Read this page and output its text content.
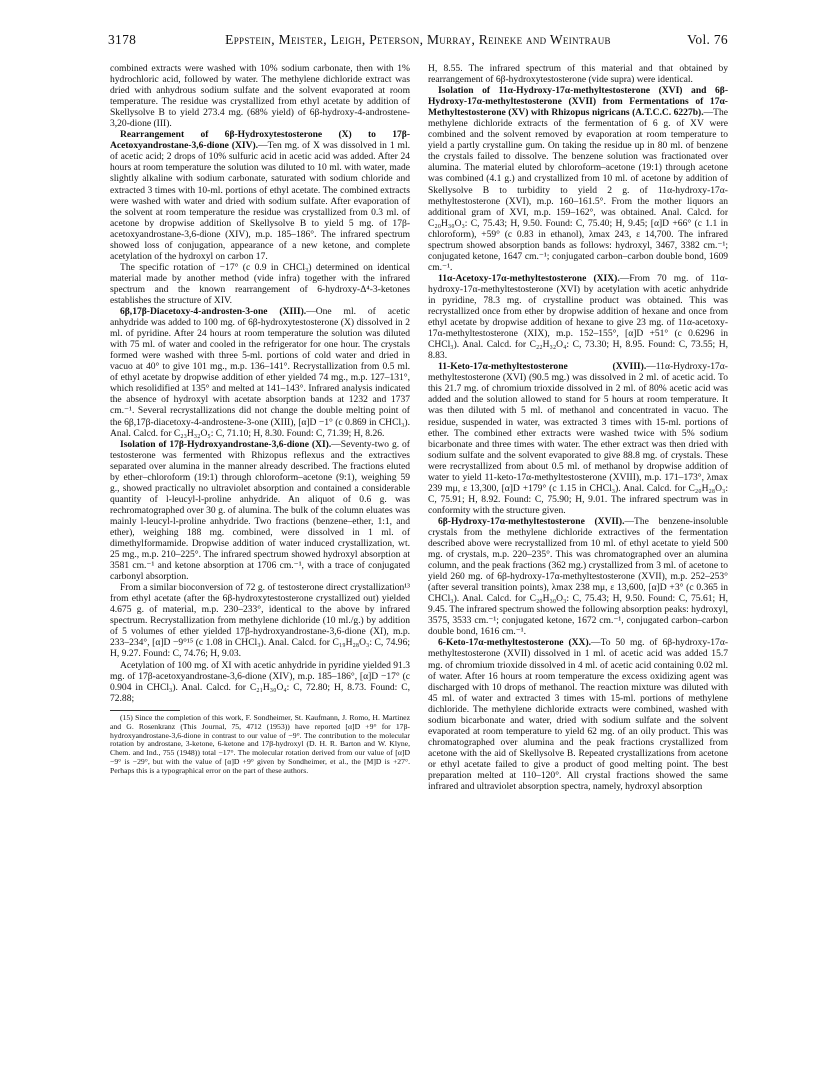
3178	Eppstein, Meister, Leigh, Peterson, Murray, Reineke and Weintraub	Vol. 76

combined extracts were washed with 10% sodium carbonate, then with 1% hydrochloric acid, followed by water. The methylene dichloride extract was dried with anhydrous sodium sulfate and the solvent evaporated at room temperature. The residue was crystallized from ethyl acetate by addition of Skellysolve B to yield 273.4 mg. (68% yield) of 6β-hydroxy-4-androstene-3,20-dione (III).

Rearrangement of 6β-Hydroxytestosterone (X) to 17β-Acetoxyandrostane-3,6-dione (XIV).—Ten mg. of X was dissolved in 1 ml. of acetic acid; 2 drops of 10% sulfuric acid in acetic acid was added. After 24 hours at room temperature the solution was diluted to 10 ml. with water, made slightly alkaline with sodium carbonate, saturated with sodium chloride and extracted 3 times with 10-ml. portions of ethyl acetate. The combined extracts were washed with water and dried with sodium sulfate. After evaporation of the solvent at room temperature the residue was crystallized from 0.3 ml. of acetone by dropwise addition of Skellysolve B to yield 5 mg. of 17β-acetoxyandrostane-3,6-dione (XIV), m.p. 185–186°. The infrared spectrum showed loss of conjugation, appearance of a new ketone, and complete acetylation of the hydroxyl on carbon 17.

The specific rotation of −17° (c 0.9 in CHCl₃) determined on identical material made by another method (vide infra) together with the infrared spectrum and the known rearrangement of 6-hydroxy-Δ⁴-3-ketones establishes the structure of XIV.

6β,17β-Diacetoxy-4-androsten-3-one (XIII).—One ml. of acetic anhydride was added to 100 mg. of 6β-hydroxytestosterone (X) dissolved in 2 ml. of pyridine. After 24 hours at room temperature the solution was diluted with 75 ml. of water and cooled in the refrigerator for one hour. The crystals formed were washed with three 5-ml. portions of cold water and dried in vacuo at 40° to give 101 mg., m.p. 136–141°. Recrystallization from 0.5 ml. of ethyl acetate by dropwise addition of ether yielded 74 mg., m.p. 127–131°, which resolidified at 135° and melted at 141–143°. Infrared analysis indicated the absence of hydroxyl with acetate absorption bands at 1232 and 1737 cm.⁻¹. Several recrystallizations did not change the double melting point of the 6β,17β-diacetoxy-4-androstene-3-one (XIII), [α]D −1° (c 0.869 in CHCl₃). Anal. Calcd. for C₂₃H₃₂O₅: C, 71.10; H, 8.30. Found: C, 71.39; H, 8.26.

Isolation of 17β-Hydroxyandrostane-3,6-dione (XI).—Seventy-two g. of testosterone was fermented with Rhizopus reflexus and the extractives separated over alumina in the manner already described. The fractions eluted by ether–chloroform (19:1) through chloroform–acetone (9:1), weighing 59 g., showed practically no ultraviolet absorption and contained a considerable quantity of l-leucyl-l-proline anhydride. An aliquot of 0.6 g. was rechromatographed over 30 g. of alumina. The bulk of the column eluates was mainly l-leucyl-l-proline anhydride. Two fractions (benzene–ether, 1:1, and ether), weighing 188 mg. combined, were dissolved in 1 ml. of dimethylformamide. Dropwise addition of water induced crystallization, wt. 25 mg., m.p. 210–225°. The infrared spectrum showed hydroxyl absorption at 3581 cm.⁻¹ and ketone absorption at 1706 cm.⁻¹, with a trace of conjugated carbonyl absorption.

From a similar bioconversion of 72 g. of testosterone direct crystallization¹³ from ethyl acetate (after the 6β-hydroxytestosterone crystallized out) yielded 4.675 g. of material, m.p. 230–233°, identical to the above by infrared spectrum. Recrystallization from methylene dichloride (10 ml./g.) by addition of 5 volumes of ether yielded 17β-hydroxyandrostane-3,6-dione (XI), m.p. 233–234°, [α]D −9°¹⁵ (c 1.08 in CHCl₃). Anal. Calcd. for C₁₉H₂₈O₃: C, 74.96; H, 9.27. Found: C, 74.76; H, 9.03.

Acetylation of 100 mg. of XI with acetic anhydride in pyridine yielded 91.3 mg. of 17β-acetoxyandrostane-3,6-dione (XIV), m.p. 185–186°, [α]D −17° (c 0.904 in CHCl₃). Anal. Calcd. for C₂₁H₃₀O₄: C, 72.80; H, 8.73. Found: C, 72.88;

(15) Since the completion of this work, F. Sondheimer, St. Kaufmann, J. Romo, H. Martinez and G. Rosenkranz (This Journal, 75, 4712 (1953)) have reported [α]D +9° for 17β-hydroxyandrostane-3,6-dione in contrast to our value of −9°. The contribution to the molecular rotation by androstane, 3-ketone, 6-ketone and 17β-hydroxyl (D. H. R. Barton and W. Klyne, Chem. and Ind., 755 (1948)) total −17°. The molecular rotation derived from our value of [α]D −9° is −29°, but with the value of [α]D +9° given by Sondheimer, et al., the [M]D is +27°. Perhaps this is a typographical error on the part of these authors.

H, 8.55. The infrared spectrum of this material and that obtained by rearrangement of 6β-hydroxytestosterone (vide supra) were identical.

Isolation of 11α-Hydroxy-17α-methyltestosterone (XVI) and 6β-Hydroxy-17α-methyltestosterone (XVII) from Fermentations of 17α-Methyltestosterone (XV) with Rhizopus nigricans (A.T.C.C. 6227b).—The methylene dichloride extracts of the fermentation of 6 g. of XV were combined and the solvent removed by evaporation at room temperature to yield a partly crystalline gum. On taking the residue up in 80 ml. of benzene the crystals failed to dissolve. The benzene solution was fractionated over alumina. The material eluted by chloroform–acetone (19:1) through acetone was combined (4.1 g.) and crystallized from 10 ml. of acetone by addition of Skellysolve B to turbidity to yield 2 g. of 11α-hydroxy-17α-methyltestosterone (XVI), m.p. 160–161.5°. From the mother liquors an additional gram of XVI, m.p. 159–162°, was obtained. Anal. Calcd. for C₂₀H₃₀O₃: C, 75.43; H, 9.50. Found: C, 75.40; H, 9.45; [α]D +66° (c 1.1 in chloroform), +59° (c 0.83 in ethanol), λmax 243, ε 14,700. The infrared spectrum showed absorption bands as follows: hydroxyl, 3467, 3382 cm.⁻¹; conjugated ketone, 1647 cm.⁻¹; conjugated carbon–carbon double bond, 1609 cm.⁻¹.

11α-Acetoxy-17α-methyltestosterone (XIX).—From 70 mg. of 11α-hydroxy-17α-methyltestosterone (XVI) by acetylation with acetic anhydride in pyridine, 78.3 mg. of crystalline product was obtained. This was recrystallized once from ether by dropwise addition of hexane and once from ethyl acetate by dropwise addition of hexane to give 23 mg. of 11α-acetoxy-17α-methyltestosterone (XIX), m.p. 152–155°, [α]D +51° (c 0.6296 in CHCl₃). Anal. Calcd. for C₂₂H₃₂O₄: C, 73.30; H, 8.95. Found: C, 73.55; H, 8.83.

11-Keto-17α-methyltestosterone (XVIII).—11α-Hydroxy-17α-methyltestosterone (XVI) (90.5 mg.) was dissolved in 2 ml. of acetic acid. To this 21.7 mg. of chromium trioxide dissolved in 2 ml. of 80% acetic acid was added and the solution allowed to stand for 5 hours at room temperature. It was then diluted with 5 ml. of methanol and concentrated in vacuo. The residue, suspended in water, was extracted 3 times with 15-ml. portions of ether. The combined ether extracts were washed twice with 5% sodium bicarbonate and three times with water. The ether extract was then dried with sodium sulfate and the solvent evaporated to give 88.8 mg. of crystals. These were recrystallized from about 0.5 ml. of methanol by dropwise addition of water to yield 11-keto-17α-methyltestosterone (XVIII), m.p. 171–173°, λmax 239 mμ, ε 13,300, [α]D +179° (c 1.15 in CHCl₃). Anal. Calcd. for C₂₀H₂₈O₃: C, 75.91; H, 8.92. Found: C, 75.90; H, 9.01. The infrared spectrum was in conformity with the structure given.

6β-Hydroxy-17α-methyltestosterone (XVII).—The benzene-insoluble crystals from the methylene dichloride extractives of the fermentation described above were recrystallized from 10 ml. of ethyl acetate to yield 500 mg. of crystals, m.p. 220–235°. This was chromatographed over an alumina column, and the peak fractions (362 mg.) crystallized from 3 ml. of acetone to yield 260 mg. of 6β-hydroxy-17α-methyltestosterone (XVII), m.p. 252–253° (after several transition points), λmax 238 mμ, ε 13,600, [α]D +3° (c 0.365 in CHCl₃). Anal. Calcd. for C₂₀H₃₀O₃: C, 75.43; H, 9.50. Found: C, 75.61; H, 9.45. The infrared spectrum showed the following absorption peaks: hydroxyl, 3575, 3533 cm.⁻¹; conjugated ketone, 1672 cm.⁻¹, conjugated carbon–carbon double bond, 1616 cm.⁻¹.

6-Keto-17α-methyltestosterone (XX).—To 50 mg. of 6β-hydroxy-17α-methyltestosterone (XVII) dissolved in 1 ml. of acetic acid was added 15.7 mg. of chromium trioxide dissolved in 4 ml. of acetic acid containing 0.02 ml. of water. After 16 hours at room temperature the excess oxidizing agent was discharged with 10 drops of methanol. The reaction mixture was diluted with 45 ml. of water and extracted 3 times with 15-ml. portions of methylene dichloride. The methylene dichloride extracts were combined, washed with sodium bicarbonate and water, dried with sodium sulfate and the solvent evaporated at room temperature to yield 62 mg. of an oily product. This was chromatographed over alumina and the peak fractions crystallized from acetone with the aid of Skellysolve B. Repeated crystallizations from acetone or ethyl acetate failed to give a product of good melting point. The best preparation melted at 110–120°. All crystal fractions showed the same infrared and ultraviolet absorption spectra, namely, hydroxyl absorption
